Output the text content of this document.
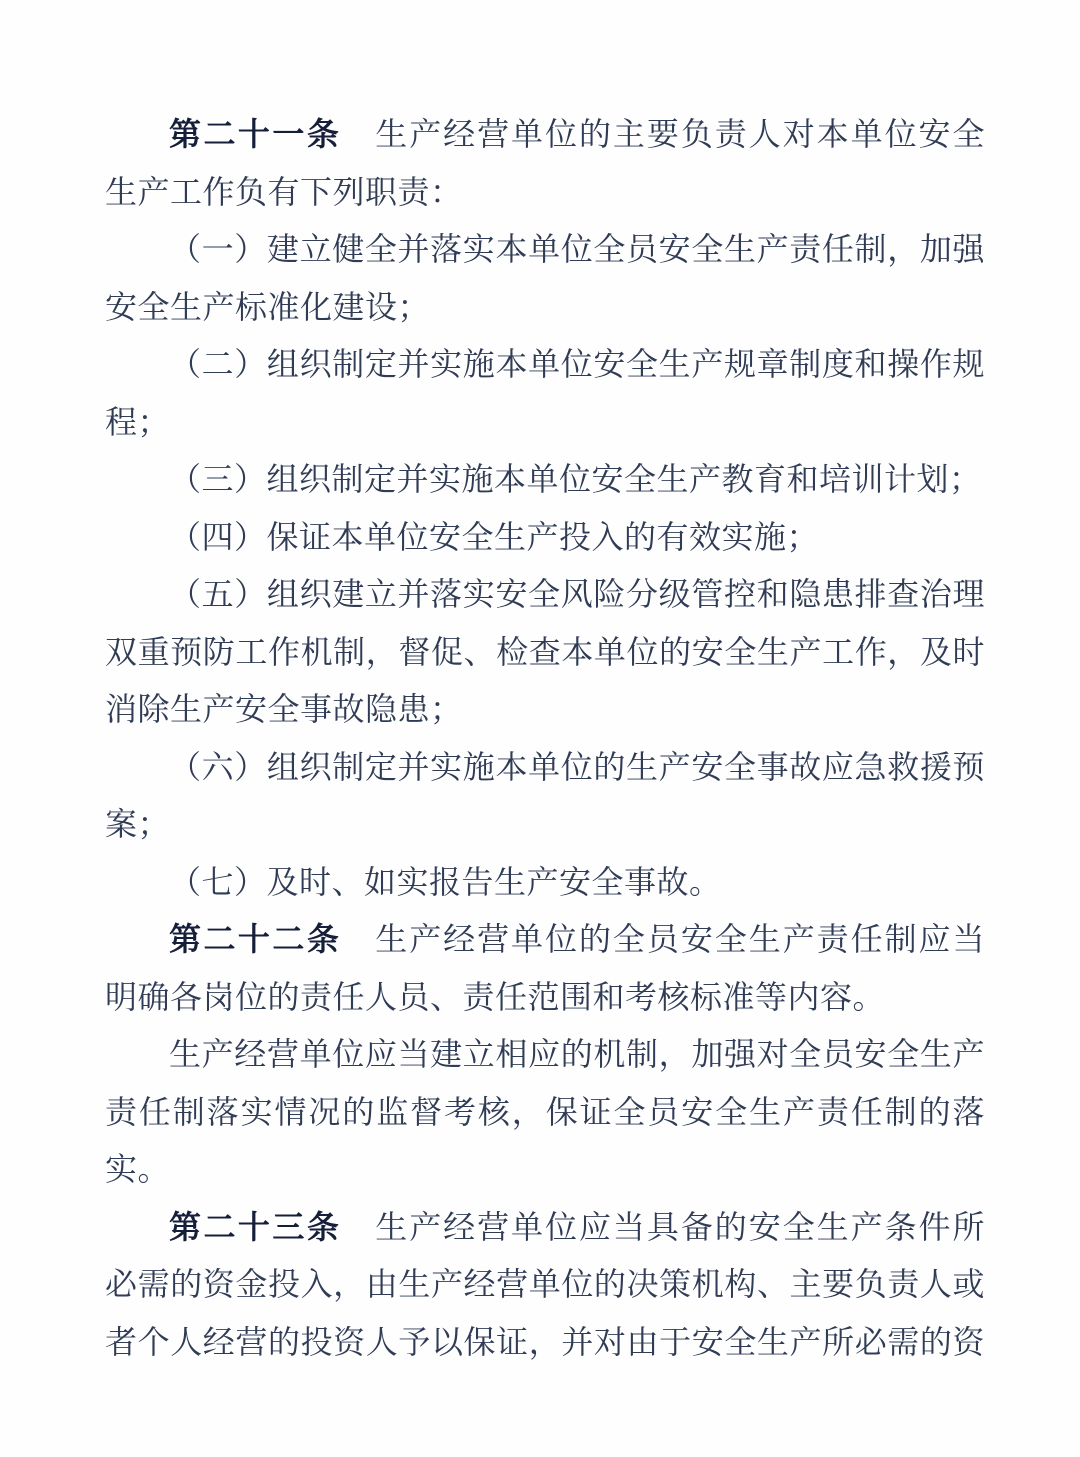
第二十一条　生产经营单位的主要负责人对本单位安全
生产工作负有下列职责：
（一）建立健全并落实本单位全员安全生产责任制，加强
安全生产标准化建设；
（二）组织制定并实施本单位安全生产规章制度和操作规
程；
（三）组织制定并实施本单位安全生产教育和培训计划；
（四）保证本单位安全生产投入的有效实施；
（五）组织建立并落实安全风险分级管控和隐患排查治理
双重预防工作机制，督促、检查本单位的安全生产工作，及时
消除生产安全事故隐患；
（六）组织制定并实施本单位的生产安全事故应急救援预
案；
（七）及时、如实报告生产安全事故。
第二十二条　生产经营单位的全员安全生产责任制应当
明确各岗位的责任人员、责任范围和考核标准等内容。
生产经营单位应当建立相应的机制，加强对全员安全生产
责任制落实情况的监督考核，保证全员安全生产责任制的落
实。
第二十三条　生产经营单位应当具备的安全生产条件所
必需的资金投入，由生产经营单位的决策机构、主要负责人或
者个人经营的投资人予以保证，并对由于安全生产所必需的资
